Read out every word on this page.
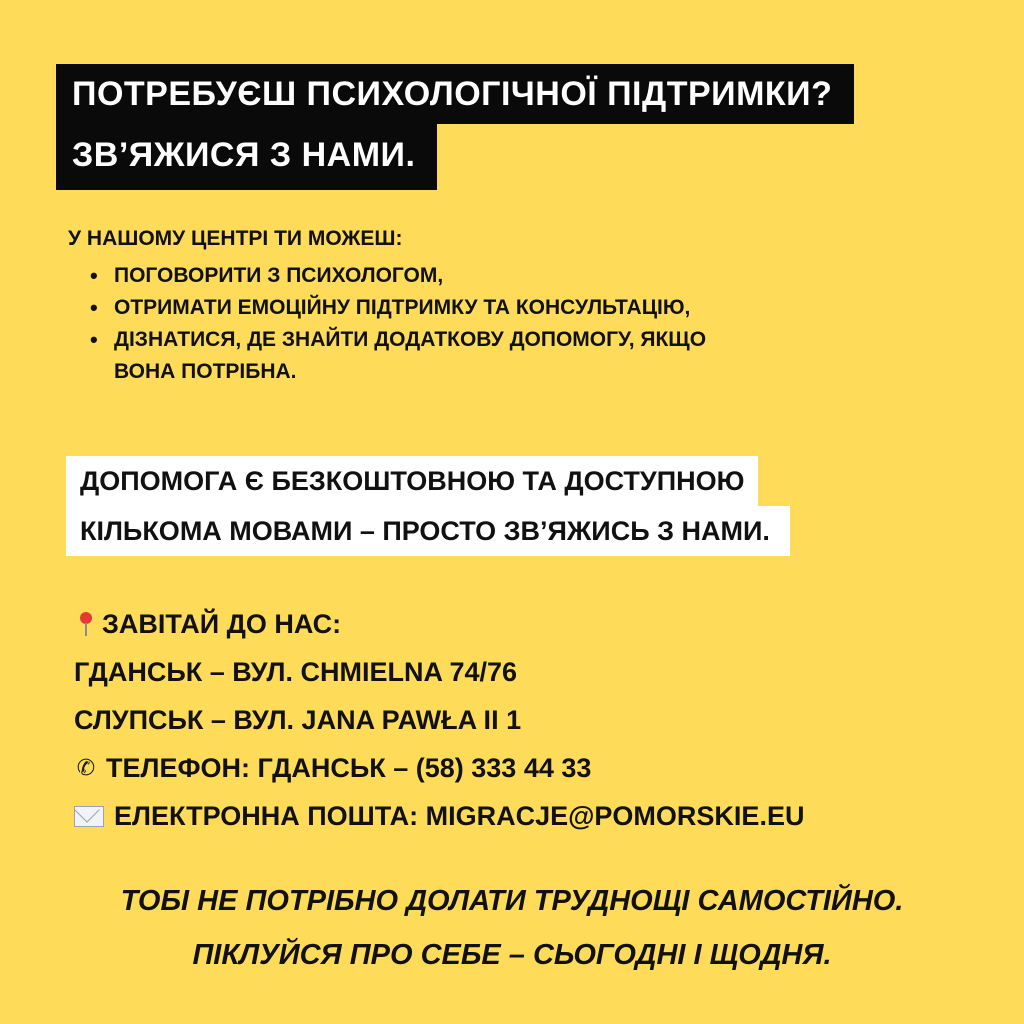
ПОТРЕБУЄШ ПСИХОЛОГІЧНОЇ ПІДТРИМКИ?
ЗВ’ЯЖИСЯ З НАМИ.
У НАШОМУ ЦЕНТРІ ТИ МОЖЕШ:
• ПОГОВОРИТИ З ПСИХОЛОГОМ,
• ОТРИМАТИ ЕМОЦІЙНУ ПІДТРИМКУ ТА КОНСУЛЬТАЦІЮ,
• ДІЗНАТИСЯ, ДЕ ЗНАЙТИ ДОДАТКОВУ ДОПОМОГУ, ЯКЩО
ВОНА ПОТРІБНА.
ДОПОМОГА Є БЕЗКОШТОВНОЮ ТА ДОСТУПНОЮ
КІЛЬКОМА МОВАМИ – ПРОСТО ЗВ’ЯЖИСЬ З НАМИ.
ЗАВІТАЙ ДО НАС:
ГДАНСЬК – ВУЛ. CHMIELNA 74/76
СЛУПСЬК – ВУЛ. JANA PAWŁA II 1
✆ ТЕЛЕФОН: ГДАНСЬК – (58) 333 44 33
ЕЛЕКТРОННА ПОШТА: MIGRACJE@POMORSKIE.EU
ТОБІ НЕ ПОТРІБНО ДОЛАТИ ТРУДНОЩІ САМОСТІЙНО.
ПІКЛУЙСЯ ПРО СЕБЕ – СЬОГОДНІ І ЩОДНЯ.
